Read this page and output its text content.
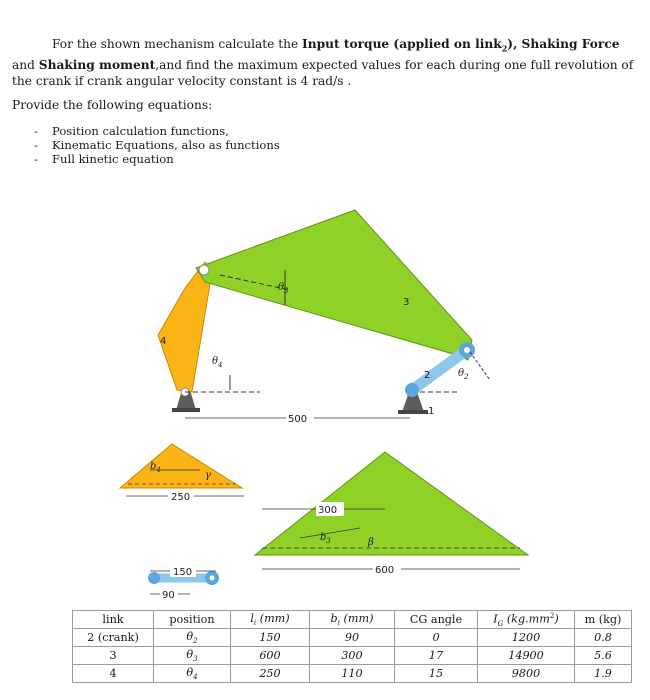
For the shown mechanism calculate the Input torque (applied on link$_2$), Shaking Force and Shaking moment,and find the maximum expected values for each during one full revolution of the crank if crank angular velocity constant is 4 rad/s .

Provide the following equations:
- Position calculation functions,
- Kinematic Equations, also as functions
- Full kinetic equation
4
3
2
1
$\theta_4$
$\theta_3$
$\theta_2$
500
$b_4$	γ
250
$b_3$	β
300
600
150
90
link	position	$l_i$ (mm)	$b_i$ (mm)	CG angle	$I_G$ $(kg.mm^2)$	m (kg)
2 (crank)	$\theta_2$	150	90	0	1200	0.8
3	$\theta_3$	600	300	17	14900	5.6
4	$\theta_4$	250	110	15	9800	1.9
